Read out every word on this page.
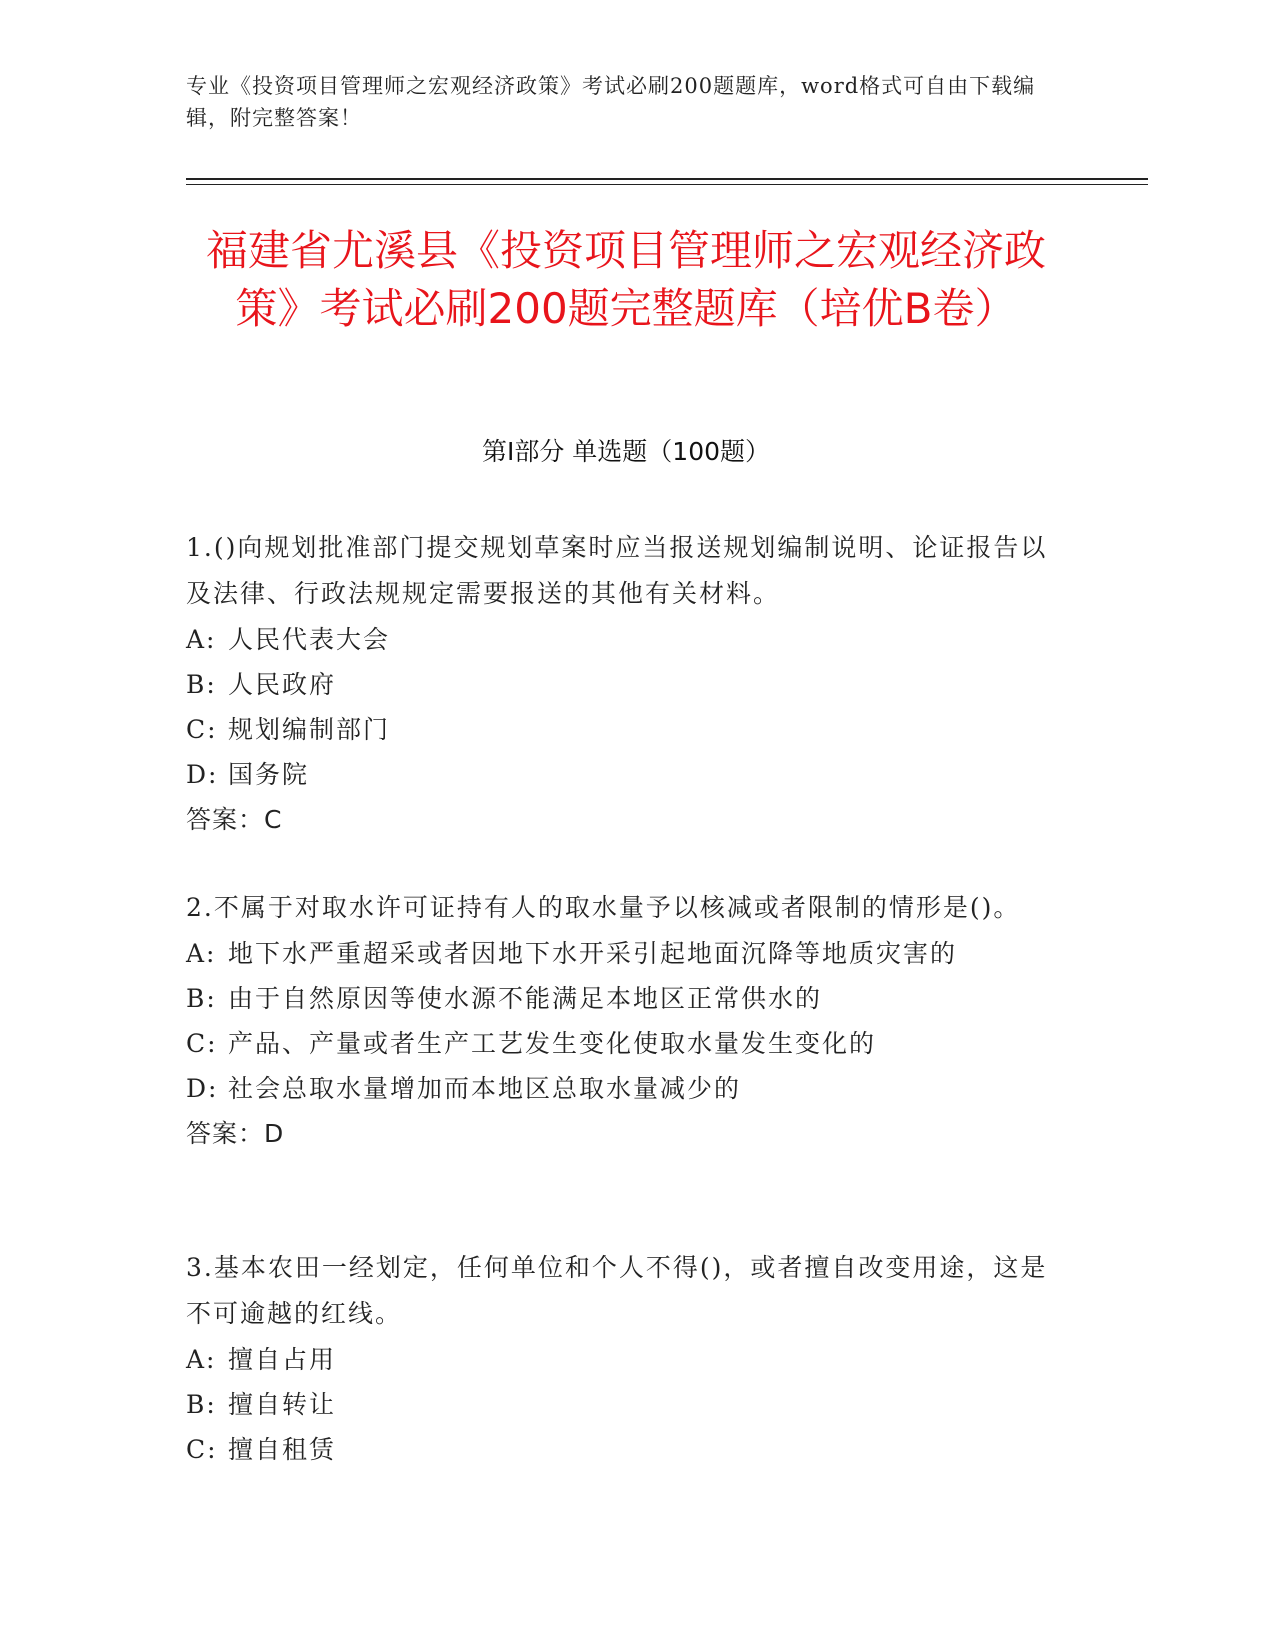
专业《投资项目管理师之宏观经济政策》考试必刷200题题库，word格式可自由下载编辑，附完整答案！
福建省尤溪县《投资项目管理师之宏观经济政策》考试必刷200题完整题库（培优B卷）
第Ⅰ部分 单选题（100题）
1.()向规划批准部门提交规划草案时应当报送规划编制说明、论证报告以及法律、行政法规规定需要报送的其他有关材料。
A: 人民代表大会
B: 人民政府
C: 规划编制部门
D: 国务院
答案：C
2.不属于对取水许可证持有人的取水量予以核减或者限制的情形是()。
A: 地下水严重超采或者因地下水开采引起地面沉降等地质灾害的
B: 由于自然原因等使水源不能满足本地区正常供水的
C: 产品、产量或者生产工艺发生变化使取水量发生变化的
D: 社会总取水量增加而本地区总取水量减少的
答案：D
3.基本农田一经划定，任何单位和个人不得()，或者擅自改变用途，这是不可逾越的红线。
A: 擅自占用
B: 擅自转让
C: 擅自租赁
